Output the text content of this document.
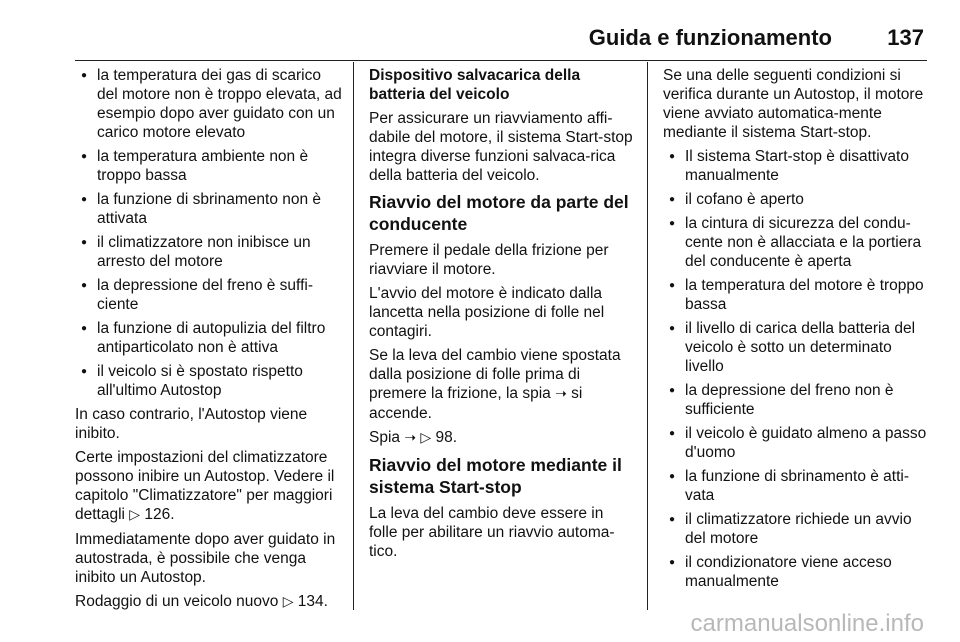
Guida e funzionamento	137
● la temperatura dei gas di scarico del motore non è troppo elevata, ad esempio dopo aver guidato con un carico motore elevato
● la temperatura ambiente non è troppo bassa
● la funzione di sbrinamento non è attivata
● il climatizzatore non inibisce un arresto del motore
● la depressione del freno è suffi-ciente
● la funzione di autopulizia del filtro antiparticolato non è attiva
● il veicolo si è spostato rispetto all'ultimo Autostop

In caso contrario, l'Autostop viene inibito.

Certe impostazioni del climatizzatore possono inibire un Autostop. Vedere il capitolo "Climatizzatore" per maggiori dettagli ▷ 126.

Immediatamente dopo aver guidato in autostrada, è possibile che venga inibito un Autostop.

Rodaggio di un veicolo nuovo ▷ 134.

Dispositivo salvacarica della batteria del veicolo

Per assicurare un riavviamento affi-dabile del motore, il sistema Start-stop integra diverse funzioni salvaca-rica della batteria del veicolo.

Riavvio del motore da parte del conducente

Premere il pedale della frizione per riavviare il motore.

L'avvio del motore è indicato dalla lancetta nella posizione di folle nel contagiri.

Se la leva del cambio viene spostata dalla posizione di folle prima di premere la frizione, la spia ➝ si accende.

Spia ➝ ▷ 98.

Riavvio del motore mediante il sistema Start-stop

La leva del cambio deve essere in folle per abilitare un riavvio automa-tico.

Se una delle seguenti condizioni si verifica durante un Autostop, il motore viene avviato automatica-mente mediante il sistema Start-stop.

● Il sistema Start-stop è disattivato manualmente
● il cofano è aperto
● la cintura di sicurezza del condu-cente non è allacciata e la portiera del conducente è aperta
● la temperatura del motore è troppo bassa
● il livello di carica della batteria del veicolo è sotto un determinato livello
● la depressione del freno non è sufficiente
● il veicolo è guidato almeno a passo d'uomo
● la funzione di sbrinamento è atti-vata
● il climatizzatore richiede un avvio del motore
● il condizionatore viene acceso manualmente
carmanualsonline.info
